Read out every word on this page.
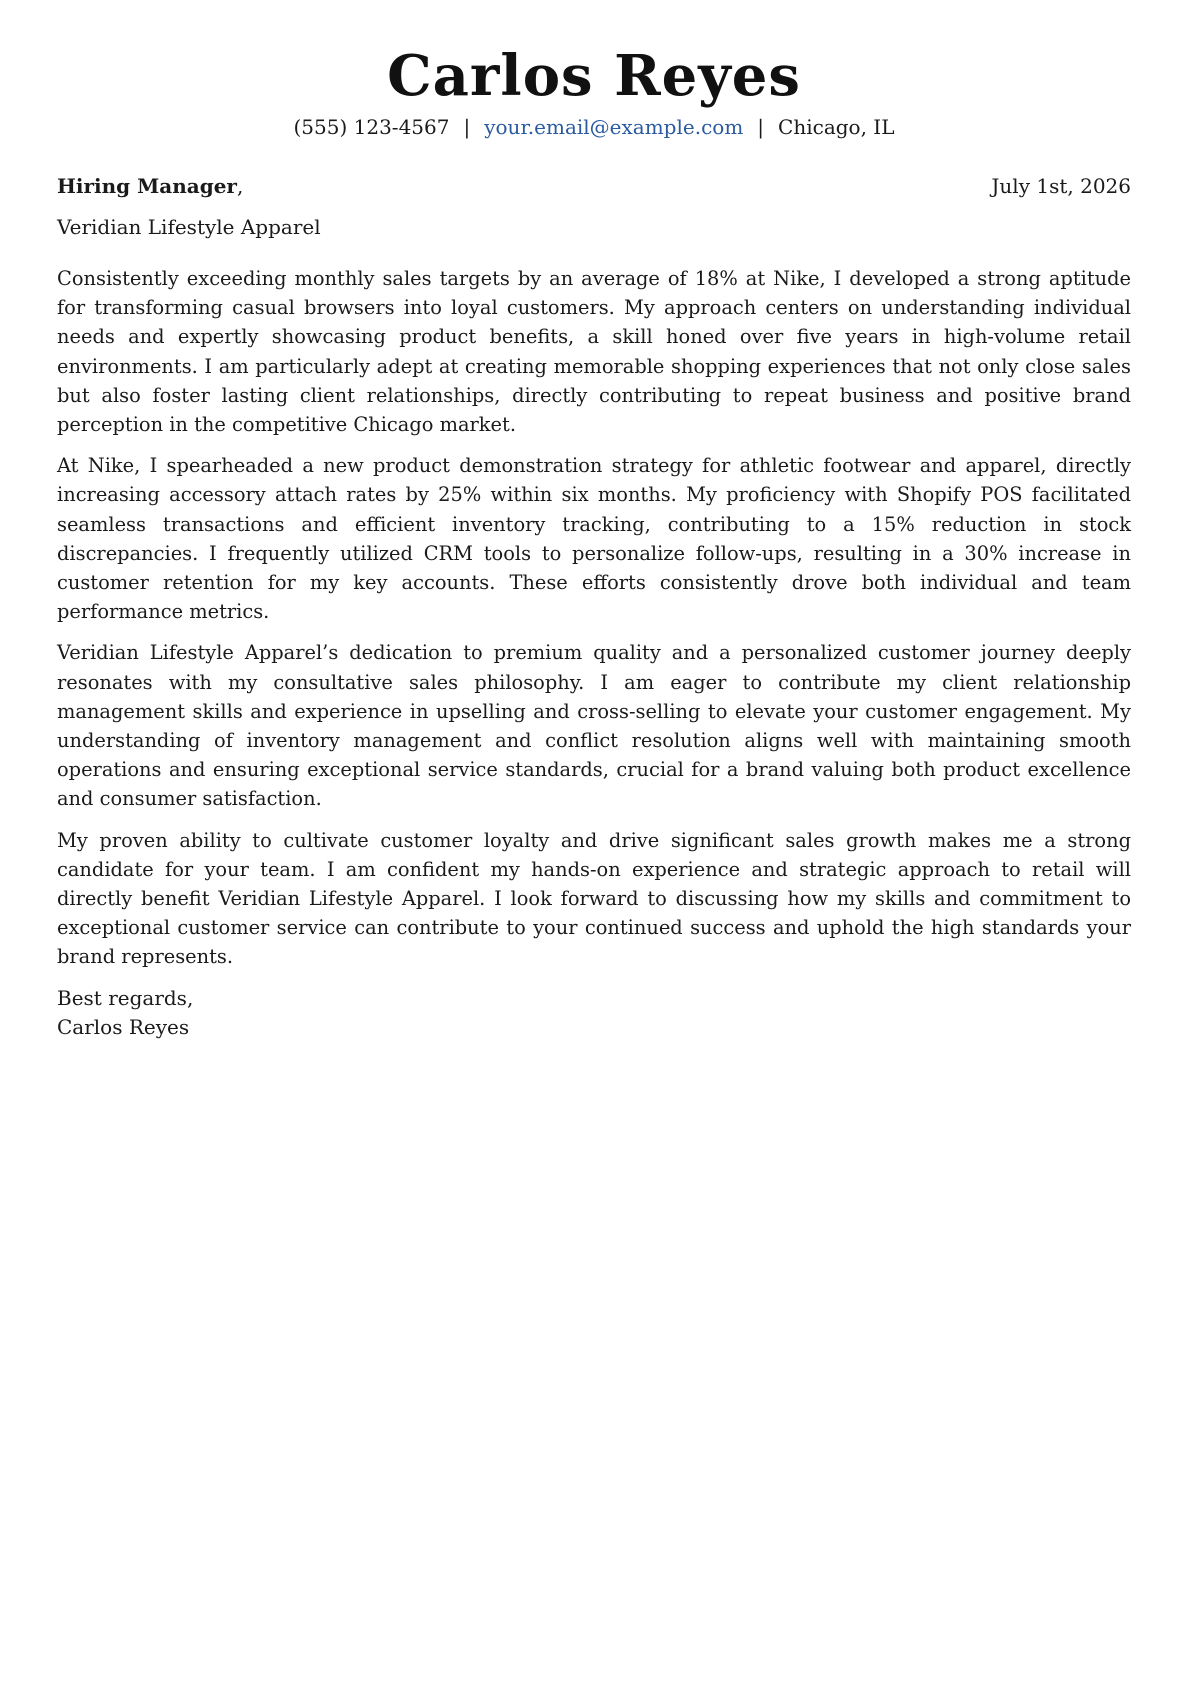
Carlos Reyes
(555) 123-4567 | your.email@example.com | Chicago, IL
Hiring Manager,	July 1st, 2026
Veridian Lifestyle Apparel

Consistently exceeding monthly sales targets by an average of 18% at Nike, I developed a strong aptitude for transforming casual browsers into loyal customers. My approach centers on understanding individual needs and expertly showcasing product benefits, a skill honed over five years in high-volume retail environments. I am particularly adept at creating memorable shopping experiences that not only close sales but also foster lasting client relationships, directly contributing to repeat business and positive brand perception in the competitive Chicago market.

At Nike, I spearheaded a new product demonstration strategy for athletic footwear and apparel, directly increasing accessory attach rates by 25% within six months. My proficiency with Shopify POS facilitated seamless transactions and efficient inventory tracking, contributing to a 15% reduction in stock discrepancies. I frequently utilized CRM tools to personalize follow-ups, resulting in a 30% increase in customer retention for my key accounts. These efforts consistently drove both individual and team performance metrics.

Veridian Lifestyle Apparel’s dedication to premium quality and a personalized customer journey deeply resonates with my consultative sales philosophy. I am eager to contribute my client relationship management skills and experience in upselling and cross-selling to elevate your customer engagement. My understanding of inventory management and conflict resolution aligns well with maintaining smooth operations and ensuring exceptional service standards, crucial for a brand valuing both product excellence and consumer satisfaction.

My proven ability to cultivate customer loyalty and drive significant sales growth makes me a strong candidate for your team. I am confident my hands-on experience and strategic approach to retail will directly benefit Veridian Lifestyle Apparel. I look forward to discussing how my skills and commitment to exceptional customer service can contribute to your continued success and uphold the high standards your brand represents.

Best regards,
Carlos Reyes
